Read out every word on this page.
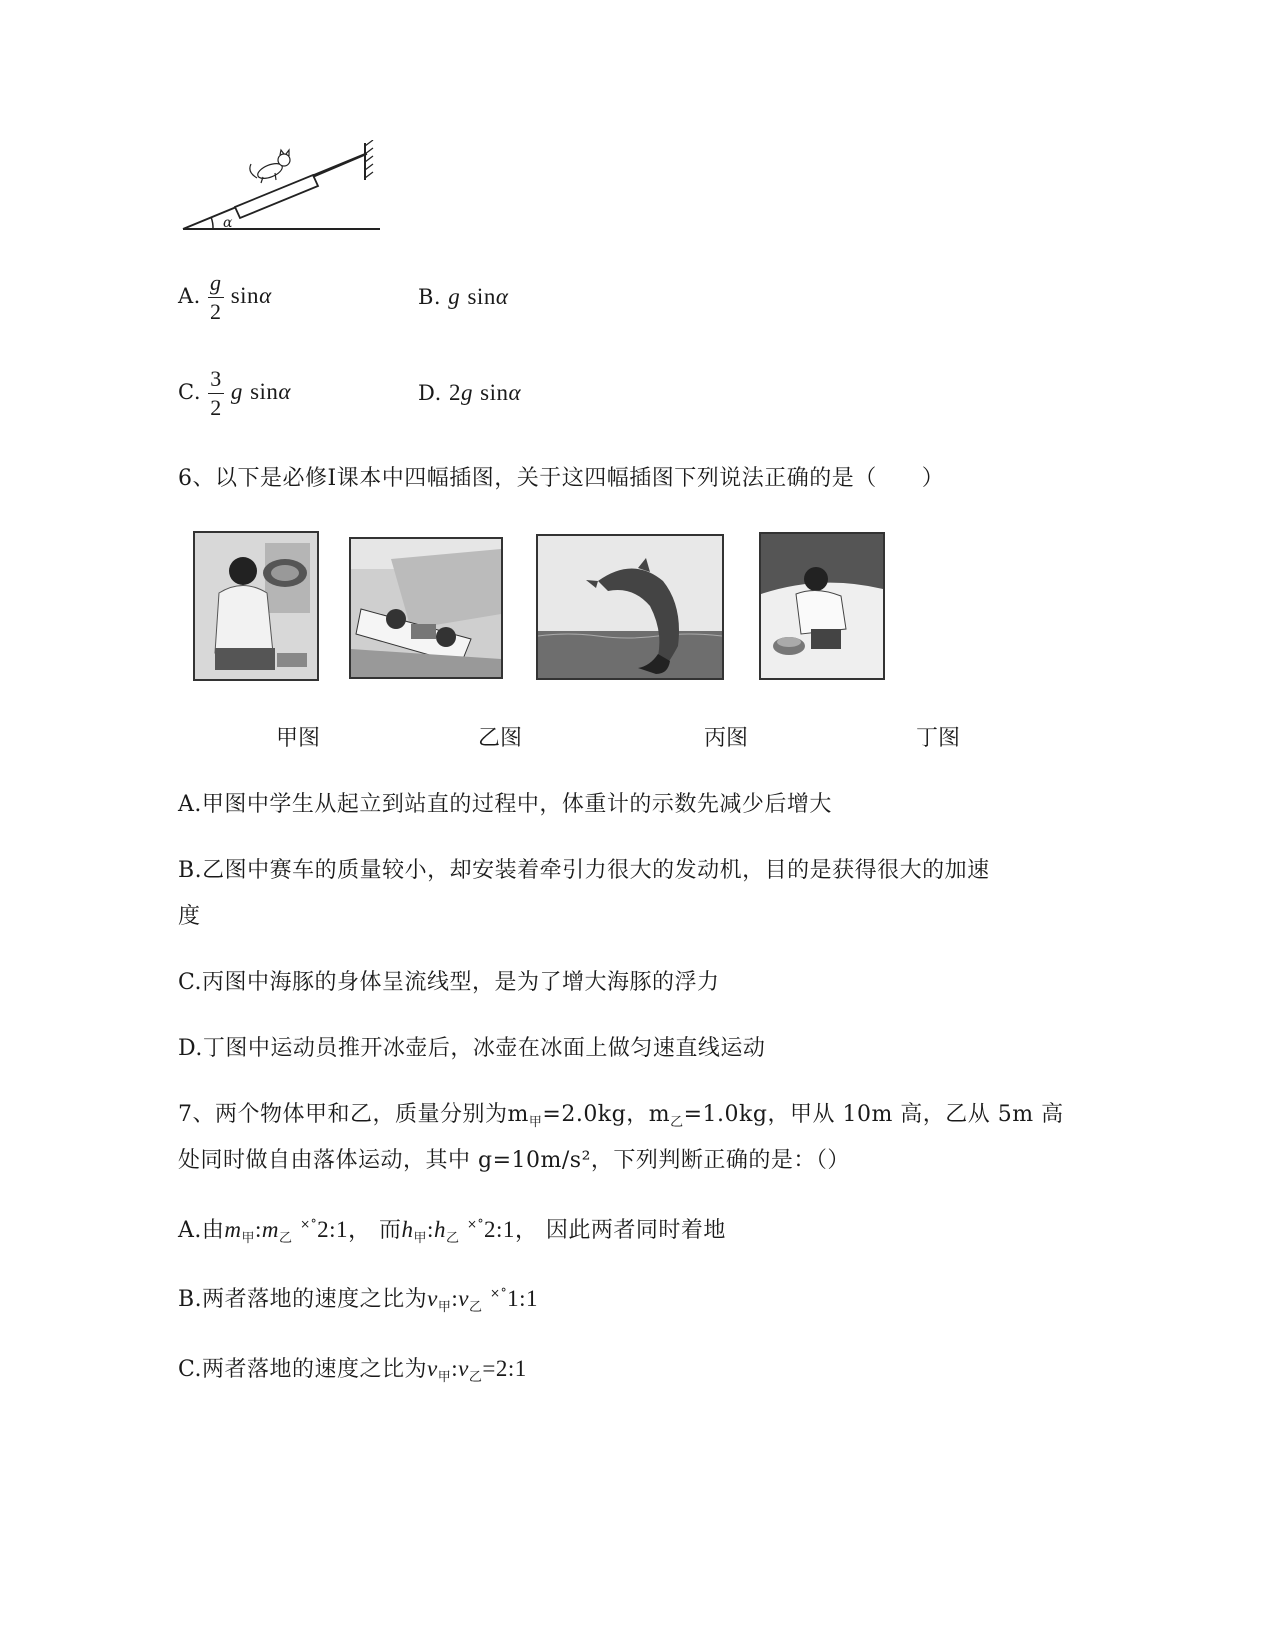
α
A. $\frac{g}{2}$ sinα	B. g sinα
C. $\frac{3}{2}$ g sinα	D. 2g sinα
6、以下是必修Ⅰ课本中四幅插图，关于这四幅插图下列说法正确的是（　　）
甲图	乙图	丙图	丁图
A.甲图中学生从起立到站直的过程中，体重计的示数先减少后增大
B.乙图中赛车的质量较小，却安装着牵引力很大的发动机，目的是获得很大的加速
度
C.丙图中海豚的身体呈流线型，是为了增大海豚的浮力
D.丁图中运动员推开冰壶后，冰壶在冰面上做匀速直线运动
7、两个物体甲和乙，质量分别为$m_甲=2.0kg$，$m_乙=1.0kg$，甲从 10m 高，乙从 5m 高
处同时做自由落体运动，其中 g=10m/s²，下列判断正确的是：（）
A.由$m_甲:m_乙$ ×°2:1， 而$h_甲:h_乙$ ×°2:1， 因此两者同时着地
B.两者落地的速度之比为$v_甲:v_乙$ ×°1:1
C.两者落地的速度之比为$v_甲:v_乙=2:1$
